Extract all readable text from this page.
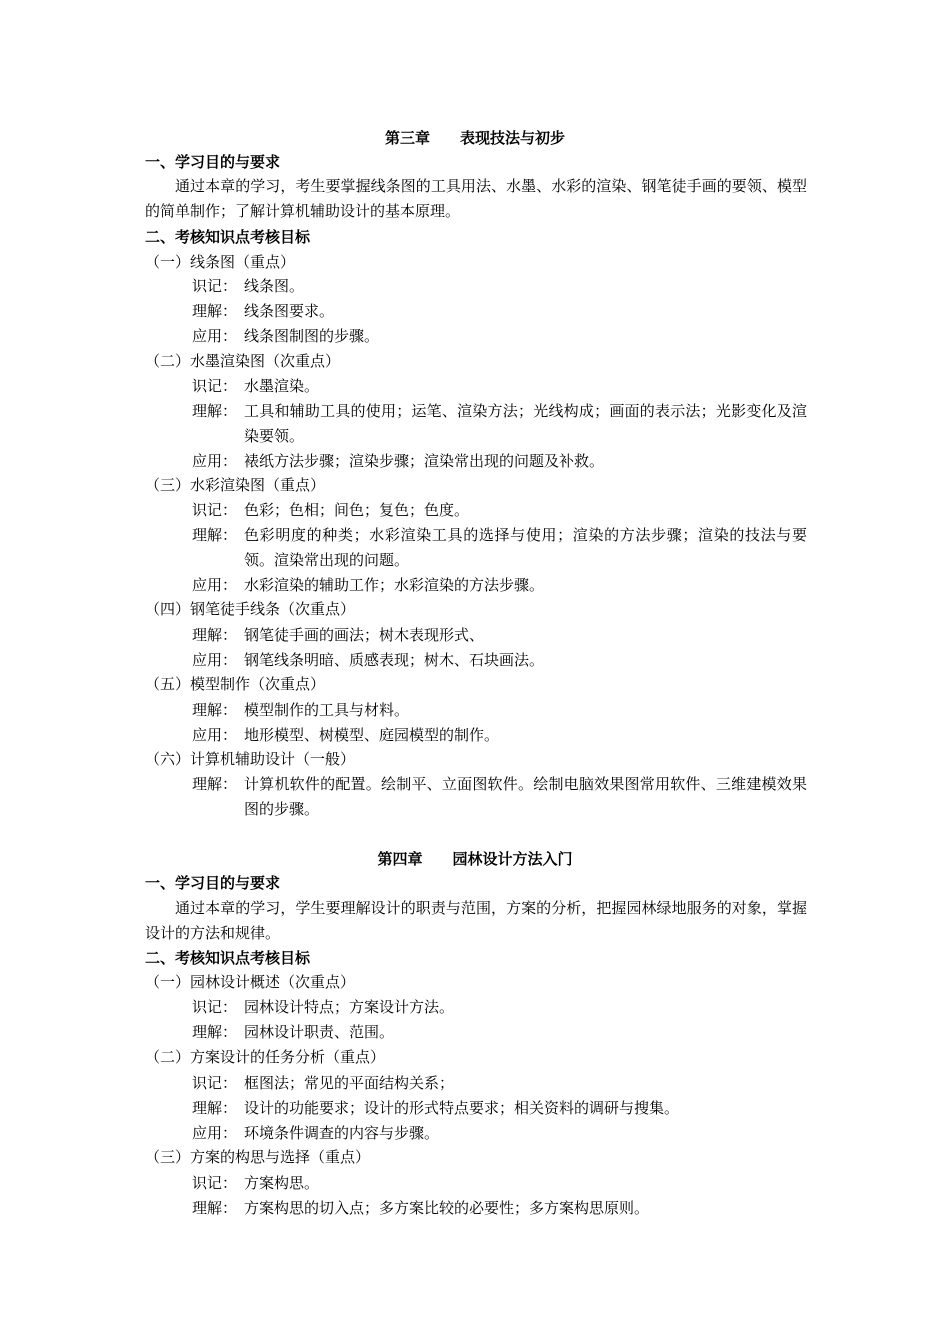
第三章 表现技法与初步
一、学习目的与要求
通过本章的学习，考生要掌握线条图的工具用法、水墨、水彩的渲染、钢笔徒手画的要领、模型的简单制作；了解计算机辅助设计的基本原理。
二、考核知识点考核目标
（一）线条图（重点）
识记： 线条图。
理解： 线条图要求。
应用： 线条图制图的步骤。
（二）水墨渲染图（次重点）
识记： 水墨渲染。
理解： 工具和辅助工具的使用；运笔、渲染方法；光线构成；画面的表示法；光影变化及渲染要领。
应用： 裱纸方法步骤；渲染步骤；渲染常出现的问题及补救。
（三）水彩渲染图（重点）
识记： 色彩；色相；间色；复色；色度。
理解： 色彩明度的种类；水彩渲染工具的选择与使用；渲染的方法步骤；渲染的技法与要领。渲染常出现的问题。
应用： 水彩渲染的辅助工作；水彩渲染的方法步骤。
（四）钢笔徒手线条（次重点）
理解： 钢笔徒手画的画法；树木表现形式、
应用： 钢笔线条明暗、质感表现；树木、石块画法。
（五）模型制作（次重点）
理解： 模型制作的工具与材料。
应用： 地形模型、树模型、庭园模型的制作。
（六）计算机辅助设计（一般）
理解： 计算机软件的配置。绘制平、立面图软件。绘制电脑效果图常用软件、三维建模效果图的步骤。
第四章 园林设计方法入门
一、学习目的与要求
通过本章的学习，学生要理解设计的职责与范围，方案的分析，把握园林绿地服务的对象，掌握设计的方法和规律。
二、考核知识点考核目标
（一）园林设计概述（次重点）
识记： 园林设计特点；方案设计方法。
理解： 园林设计职责、范围。
（二）方案设计的任务分析（重点）
识记： 框图法；常见的平面结构关系；
理解： 设计的功能要求；设计的形式特点要求；相关资料的调研与搜集。
应用： 环境条件调查的内容与步骤。
（三）方案的构思与选择（重点）
识记： 方案构思。
理解： 方案构思的切入点；多方案比较的必要性；多方案构思原则。
